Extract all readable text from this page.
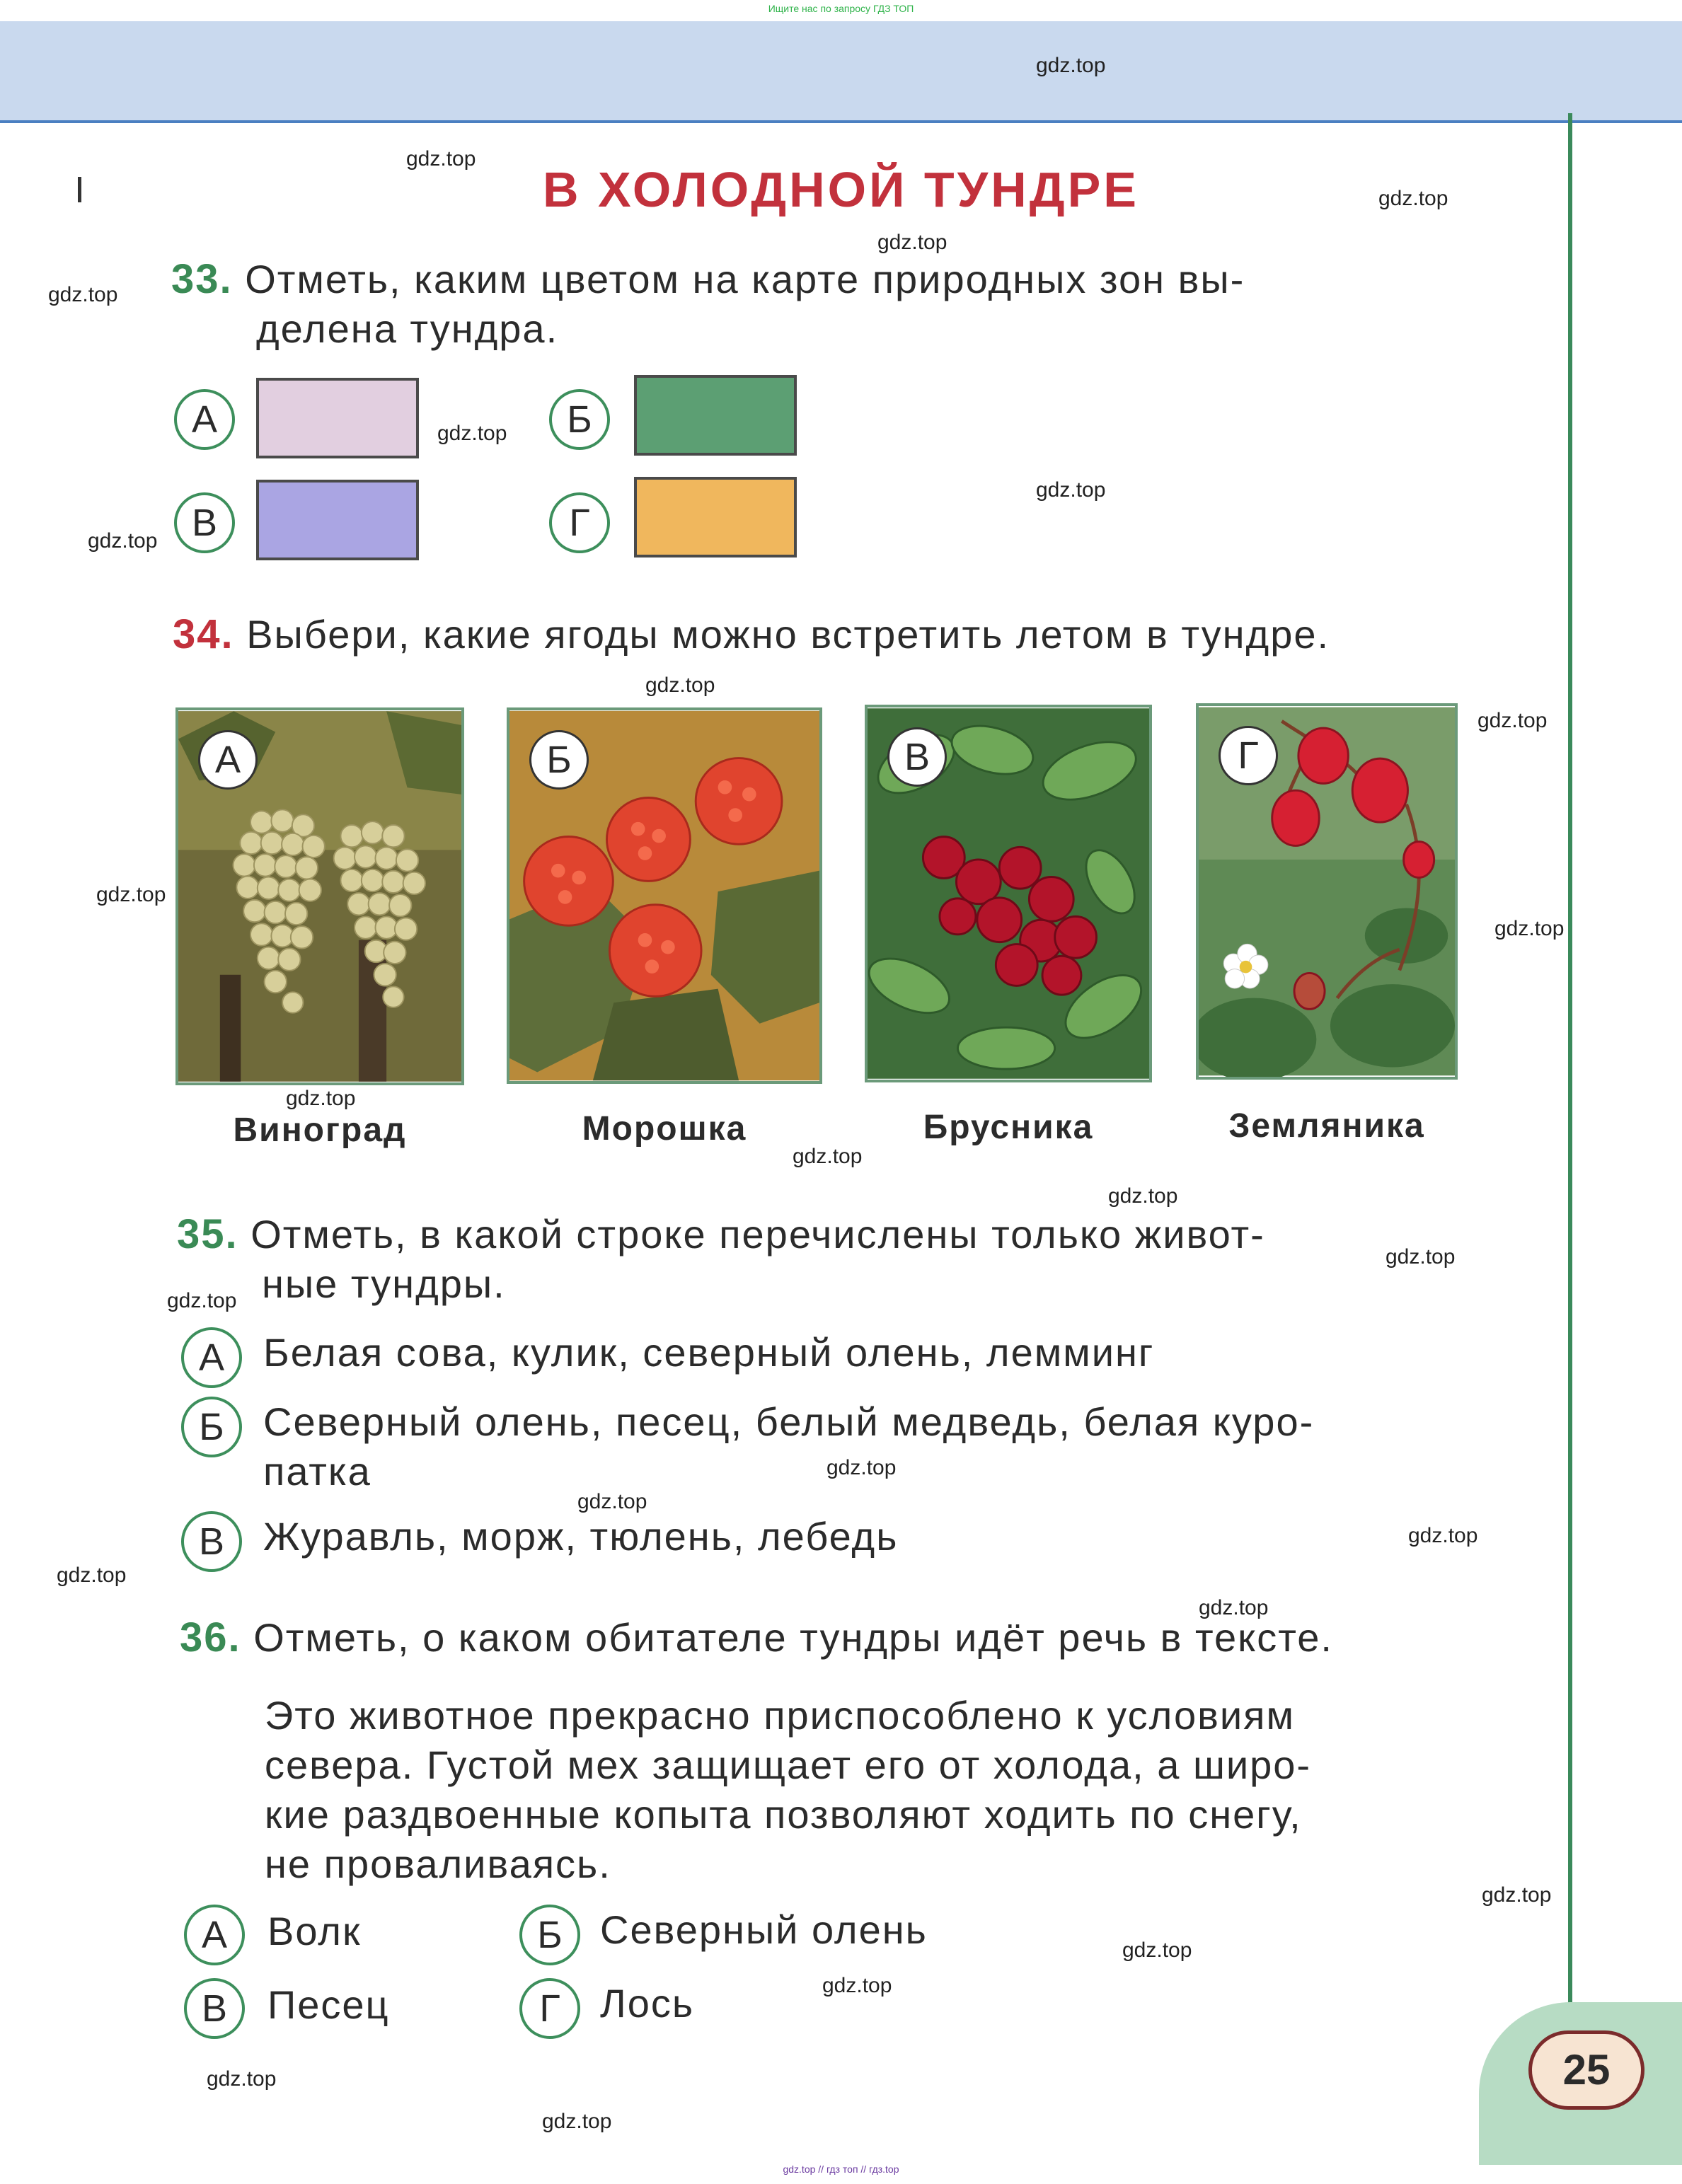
Ищите нас по запросу ГДЗ ТОП
25
gdz.top // гдз топ // гдз.top
В ХОЛОДНОЙ ТУНДРЕ
33. Отметь, каким цветом на карте природных зон вы-
делена тундра.
А	Б
В	Г
34. Выбери, какие ягоды можно встретить летом в тундре.
А	Б	В	Г
Виноград	Морошка	Брусника	Земляника
35. Отметь, в какой строке перечислены только живот-
ные тундры.
А Белая сова, кулик, северный олень, лемминг
Б Северный олень, песец, белый медведь, белая куро-
патка
В Журавль, морж, тюлень, лебедь
36. Отметь, о каком обитателе тундры идёт речь в тексте.
Это животное прекрасно приспособлено к условиям
севера. Густой мех защищает его от холода, а широ-
кие раздвоенные копыта позволяют ходить по снегу,
не проваливаясь.
А	Волк	Б Северный олень
В	Песец	Г	Лось
gdz.top
gdz.top
gdz.top
gdz.top
gdz.top
gdz.top
gdz.top
gdz.top
gdz.top
gdz.top
gdz.top
gdz.top
gdz.top
gdz.top
gdz.top
gdz.top
gdz.top
gdz.top
gdz.top
gdz.top
gdz.top
gdz.top
gdz.top
gdz.top
gdz.top
gdz.top
gdz.top
